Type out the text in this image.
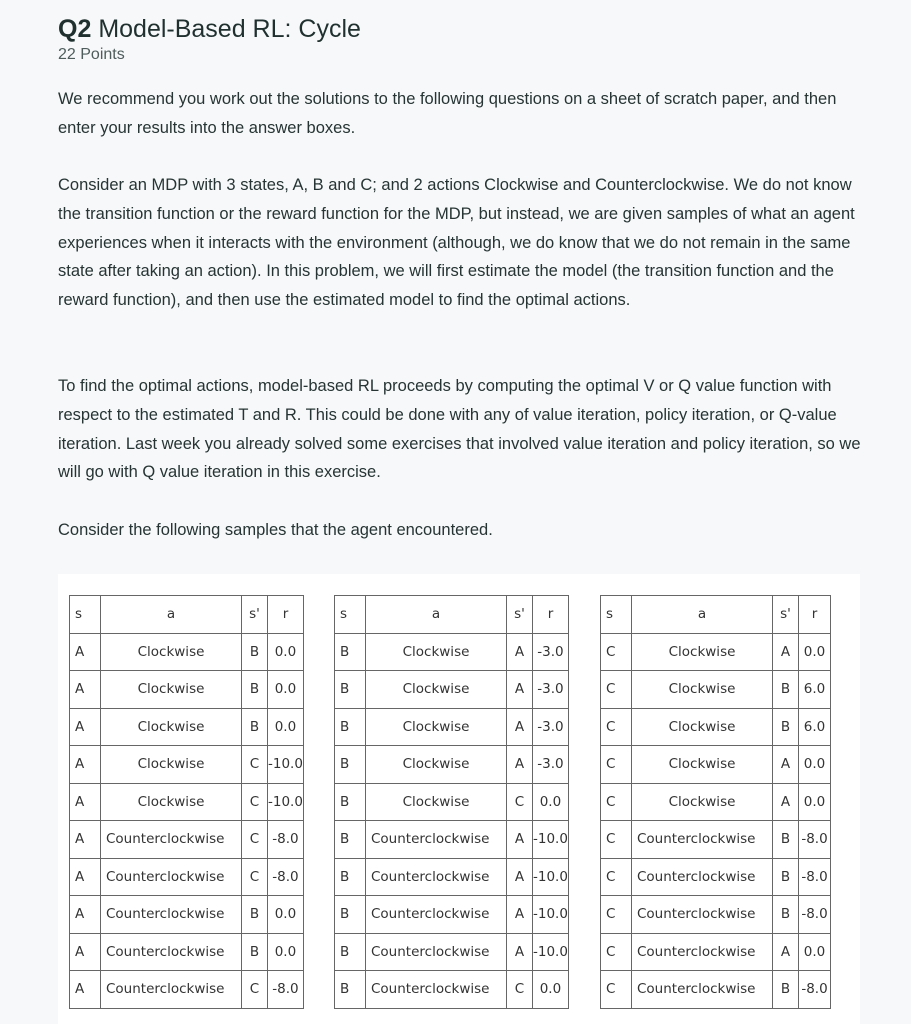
Q2 Model-Based RL: Cycle
22 Points

We recommend you work out the solutions to the following questions on a sheet of scratch paper, and then enter your results into the answer boxes.

Consider an MDP with 3 states, A, B and C; and 2 actions Clockwise and Counterclockwise. We do not know the transition function or the reward function for the MDP, but instead, we are given samples of what an agent experiences when it interacts with the environment (although, we do know that we do not remain in the same state after taking an action). In this problem, we will first estimate the model (the transition function and the reward function), and then use the estimated model to find the optimal actions.

To find the optimal actions, model-based RL proceeds by computing the optimal V or Q value function with respect to the estimated T and R. This could be done with any of value iteration, policy iteration, or Q-value iteration. Last week you already solved some exercises that involved value iteration and policy iteration, so we will go with Q value iteration in this exercise.

Consider the following samples that the agent encountered.

s	a	s'	r
A	Clockwise	B	0.0
A	Clockwise	B	0.0
A	Clockwise	B	0.0
A	Clockwise	C	-10.0
A	Clockwise	C	-10.0
A	Counterclockwise	C	-8.0
A	Counterclockwise	C	-8.0
A	Counterclockwise	B	0.0
A	Counterclockwise	B	0.0
A	Counterclockwise	C	-8.0
s	a	s'	r
B	Clockwise	A	-3.0
B	Clockwise	A	-3.0
B	Clockwise	A	-3.0
B	Clockwise	A	-3.0
B	Clockwise	C	0.0
B	Counterclockwise	A	-10.0
B	Counterclockwise	A	-10.0
B	Counterclockwise	A	-10.0
B	Counterclockwise	A	-10.0
B	Counterclockwise	C	0.0
s	a	s'	r
C	Clockwise	A	0.0
C	Clockwise	B	6.0
C	Clockwise	B	6.0
C	Clockwise	A	0.0
C	Clockwise	A	0.0
C	Counterclockwise	B	-8.0
C	Counterclockwise	B	-8.0
C	Counterclockwise	B	-8.0
C	Counterclockwise	A	0.0
C	Counterclockwise	B	-8.0
